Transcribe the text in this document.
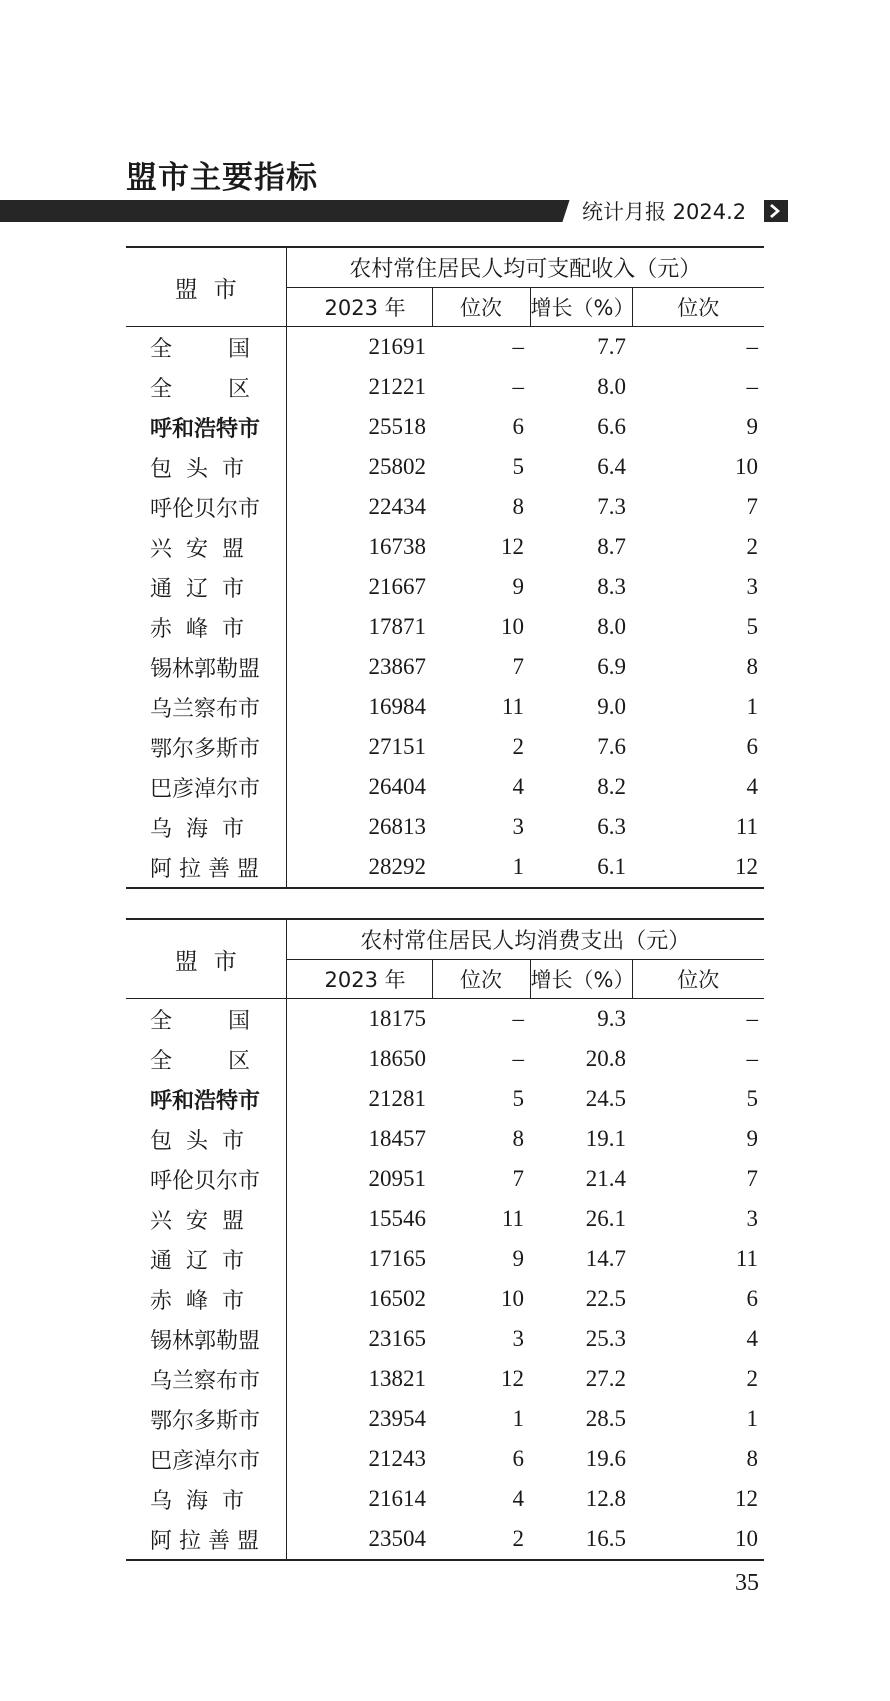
盟市主要指标
统计月报 2024.2
盟市	农村常住居民人均可支配收入（元）			
	2023 年	位次	增长（%）	位次
全        国	21691	–	7.7	–
全        区	21221	–	8.0	–
呼和浩特市	25518	6	6.6	9
包  头  市	25802	5	6.4	10
呼伦贝尔市	22434	8	7.3	7
兴  安  盟	16738	12	8.7	2
通  辽  市	21667	9	8.3	3
赤  峰  市	17871	10	8.0	5
锡林郭勒盟	23867	7	6.9	8
乌兰察布市	16984	11	9.0	1
鄂尔多斯市	27151	2	7.6	6
巴彦淖尔市	26404	4	8.2	4
乌  海  市	26813	3	6.3	11
阿 拉 善 盟	28292	1	6.1	12
盟市	农村常住居民人均消费支出（元）			
	2023 年	位次	增长（%）	位次
全        国	18175	–	9.3	–
全        区	18650	–	20.8	–
呼和浩特市	21281	5	24.5	5
包  头  市	18457	8	19.1	9
呼伦贝尔市	20951	7	21.4	7
兴  安  盟	15546	11	26.1	3
通  辽  市	17165	9	14.7	11
赤  峰  市	16502	10	22.5	6
锡林郭勒盟	23165	3	25.3	4
乌兰察布市	13821	12	27.2	2
鄂尔多斯市	23954	1	28.5	1
巴彦淖尔市	21243	6	19.6	8
乌  海  市	21614	4	12.8	12
阿 拉 善 盟	23504	2	16.5	10
35
